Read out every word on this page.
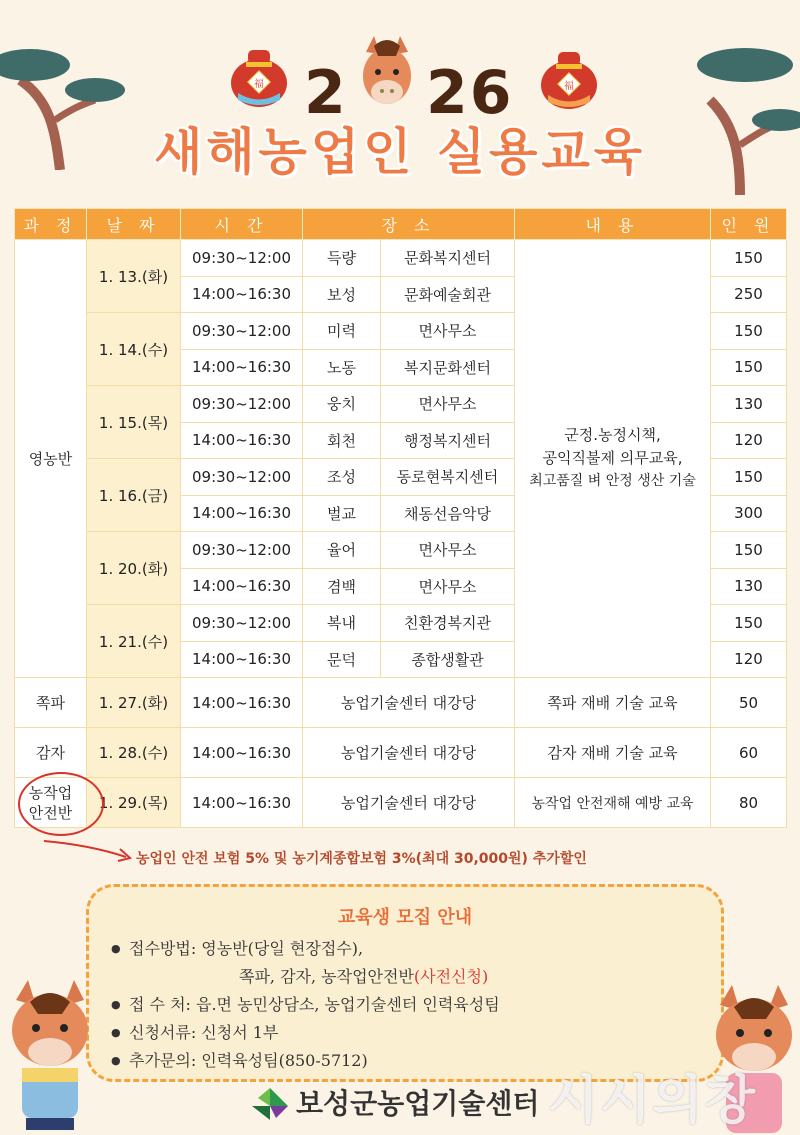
福 2 26	福
새해농업인 실용교육
과 정	날 짜	시 간	장 소		내 용	인 원
영농반	1. 13.(화)	09:30~12:00	득량	문화복지센터	군정.농정시책,
공익직불제 의무교육,
최고품질 벼 안정 생산 기술	150
		14:00~16:30	보성	문화예술회관		250
	1. 14.(수)	09:30~12:00	미력	면사무소		150
		14:00~16:30	노동	복지문화센터		150
	1. 15.(목)	09:30~12:00	웅치	면사무소		130
		14:00~16:30	회천	행정복지센터		120
	1. 16.(금)	09:30~12:00	조성	동로현복지센터		150
		14:00~16:30	벌교	채동선음악당		300
	1. 20.(화)	09:30~12:00	율어	면사무소		150
		14:00~16:30	겸백	면사무소		130
	1. 21.(수)	09:30~12:00	복내	친환경복지관		150
		14:00~16:30	문덕	종합생활관		120
쪽파	1. 27.(화)	14:00~16:30	농업기술센터 대강당		쪽파 재배 기술 교육	50
감자	1. 28.(수)	14:00~16:30	농업기술센터 대강당		감자 재배 기술 교육	60

농작업
안전반	1. 29.(목)	14:00~16:30	농업기술센터 대강당		농작업 안전재해 예방 교육	80
농업인 안전 보험 5% 및 농기계종합보험 3%(최대 30,000원) 추가할인
교육생 모집 안내
● 접수방법: 영농반(당일 현장접수),
쪽파, 감자, 농작업안전반(사전신청)
● 접 수 처: 읍.면 농민상담소, 농업기술센터 인력육성팀
● 신청서류: 신청서 1부
● 추가문의: 인력육성팀(850-5712)
보성군농업기술센터 시시의창
